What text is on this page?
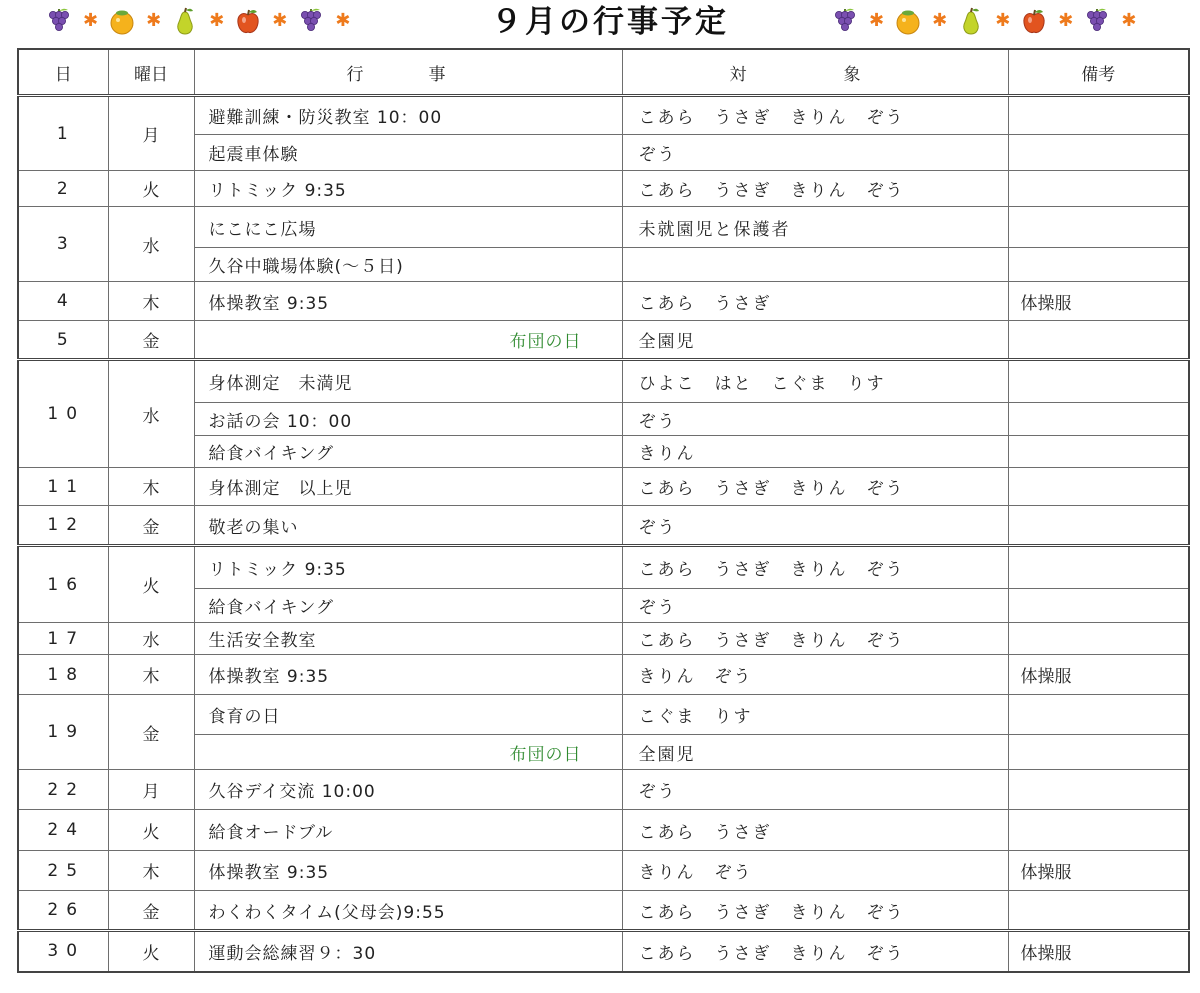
✱	✱	✱	✱	✱	９月の行事予定	✱	✱	✱	✱	✱
日	曜日	行　事	対　象	備考
1	月	避難訓練・防災教室 10：00	こあら　うさぎ　きりん　ぞう	
		起震車体験	ぞう	
2	火	リトミック 9:35	こあら　うさぎ　きりん　ぞう	
3	水	にこにこ広場	未就園児と保護者	
		久谷中職場体験(～５日)		
4	木	体操教室 9:35	こあら　うさぎ	体操服
5	金	布団の日	全園児	
10	水	身体測定　未満児	ひよこ　はと　こぐま　りす	
		お話の会 10：00	ぞう	
		給食バイキング	きりん	
11	木	身体測定　以上児	こあら　うさぎ　きりん　ぞう	
12	金	敬老の集い	ぞう	
16	火	リトミック 9:35	こあら　うさぎ　きりん　ぞう	
		給食バイキング	ぞう	
17	水	生活安全教室	こあら　うさぎ　きりん　ぞう	
18	木	体操教室 9:35	きりん　ぞう	体操服
19	金	食育の日	こぐま　りす	
		布団の日	全園児	
22	月	久谷デイ交流 10:00	ぞう	
24	火	給食オードブル	こあら　うさぎ	
25	木	体操教室 9:35	きりん　ぞう	体操服
26	金	わくわくタイム(父母会)9:55	こあら　うさぎ　きりん　ぞう	
30	火	運動会総練習９：30	こあら　うさぎ　きりん　ぞう	体操服
